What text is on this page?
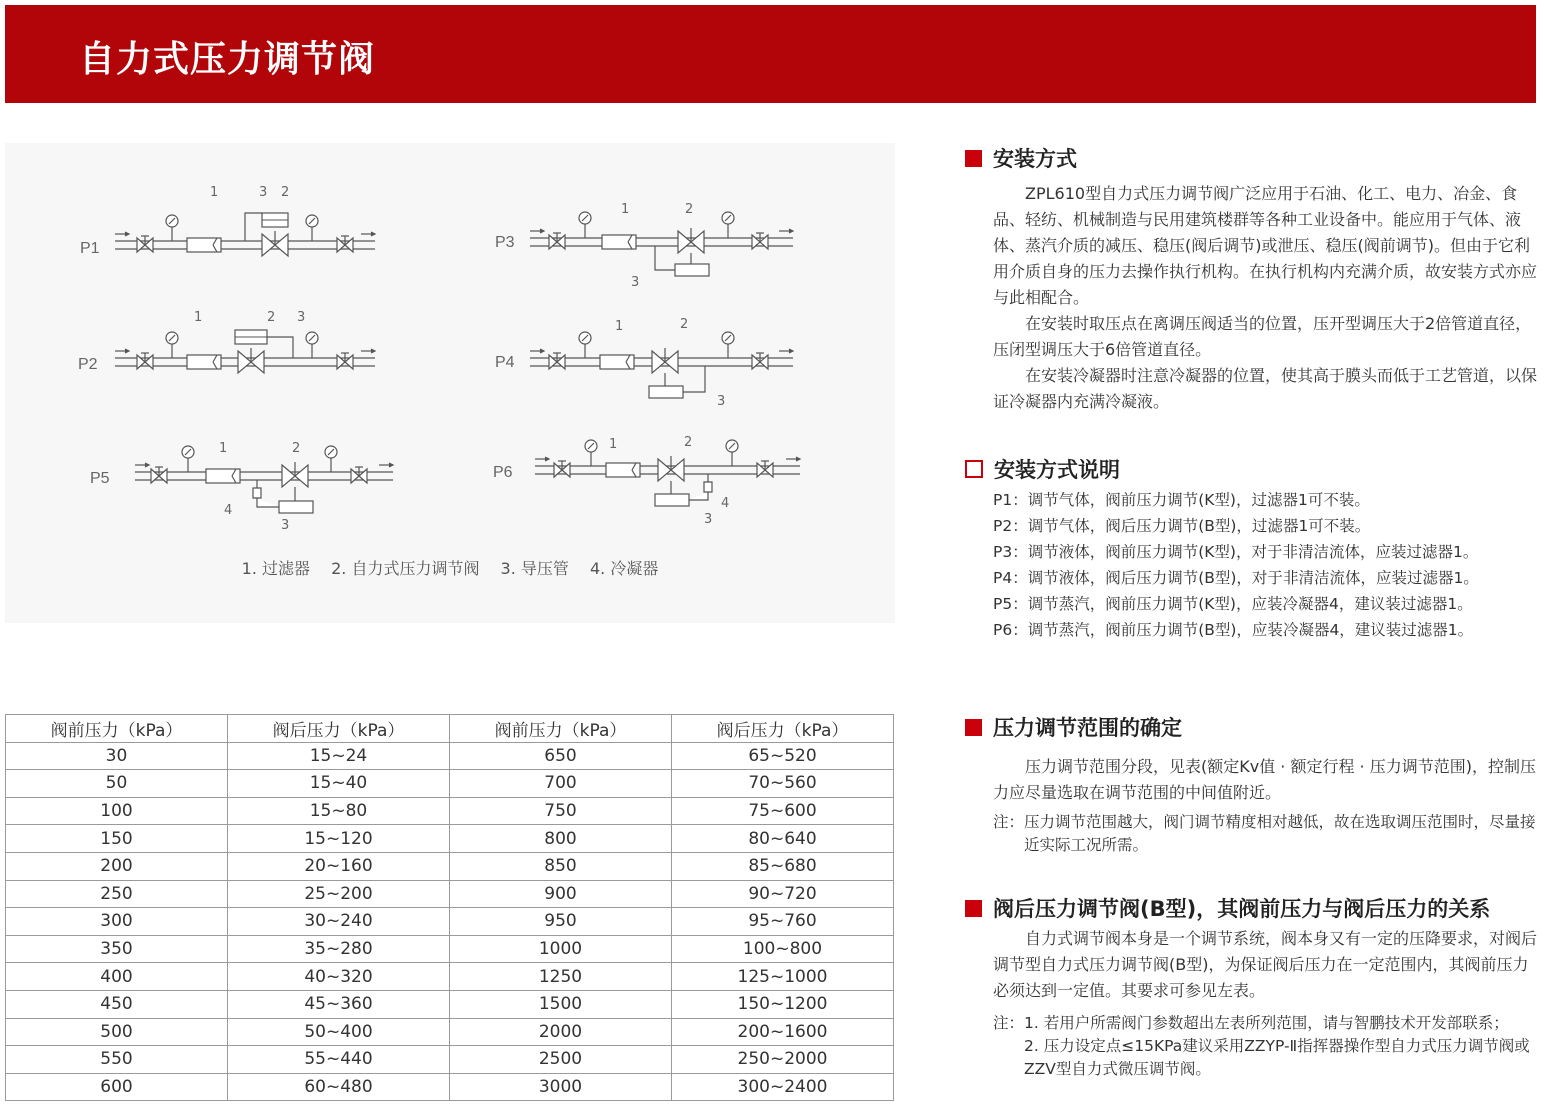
自力式压力调节阀
1	3 2
1	2 3
1	2
4
3
1	2
3
1	2
3
1	2
4
3
P1
P2
P3
P4
P5	P6
1. 过滤器 2. 自力式压力调节阀 3. 导压管 4. 冷凝器
安装方式

ZPL610型自力式压力调节阀广泛应用于石油、化工、电力、冶金、食品、轻纺、机械制造与民用建筑楼群等各种工业设备中。能应用于气体、液体、蒸汽介质的减压、稳压(阀后调节)或泄压、稳压(阀前调节)。但由于它利用介质自身的压力去操作执行机构。在执行机构内充满介质，故安装方式亦应与此相配合。

在安装时取压点在离调压阀适当的位置，压开型调压大于2倍管道直径，压闭型调压大于6倍管道直径。

在安装冷凝器时注意冷凝器的位置，使其高于膜头而低于工艺管道，以保证冷凝器内充满冷凝液。

安装方式说明

P1：调节气体，阀前压力调节(K型)，过滤器1可不装。

P2：调节气体，阀后压力调节(B型)，过滤器1可不装。

P3：调节液体，阀前压力调节(K型)，对于非清洁流体，应装过滤器1。

P4：调节液体，阀后压力调节(B型)，对于非清洁流体，应装过滤器1。

P5：调节蒸汽，阀前压力调节(K型)，应装冷凝器4，建议装过滤器1。

P6：调节蒸汽，阀前压力调节(B型)，应装冷凝器4，建议装过滤器1。

压力调节范围的确定

压力调节范围分段，见表(额定Kv值 · 额定行程 · 压力调节范围)，控制压力应尽量选取在调节范围的中间值附近。

注： 压力调节范围越大，阀门调节精度相对越低，故在选取调压范围时，尽量接近实际工况所需。
阀后压力调节阀(B型)，其阀前压力与阀后压力的关系

自力式调节阀本身是一个调节系统，阀本身又有一定的压降要求，对阀后调节型自力式压力调节阀(B型)，为保证阀后压力在一定范围内，其阀前压力必须达到一定值。其要求可参见左表。

注： 1. 若用户所需阀门参数超出左表所列范围，请与智鹏技术开发部联系；
2. 压力设定点≤15KPa建议采用ZZYP-Ⅱ指挥器操作型自力式压力调节阀或ZZV型自力式微压调节阀。
阀前压力（kPa）	阀后压力（kPa）	阀前压力（kPa）	阀后压力（kPa）
30	15~24	650	65~520
50	15~40	700	70~560
100	15~80	750	75~600
150	15~120	800	80~640
200	20~160	850	85~680
250	25~200	900	90~720
300	30~240	950	95~760
350	35~280	1000	100~800
400	40~320	1250	125~1000
450	45~360	1500	150~1200
500	50~400	2000	200~1600
550	55~440	2500	250~2000
600	60~480	3000	300~2400
